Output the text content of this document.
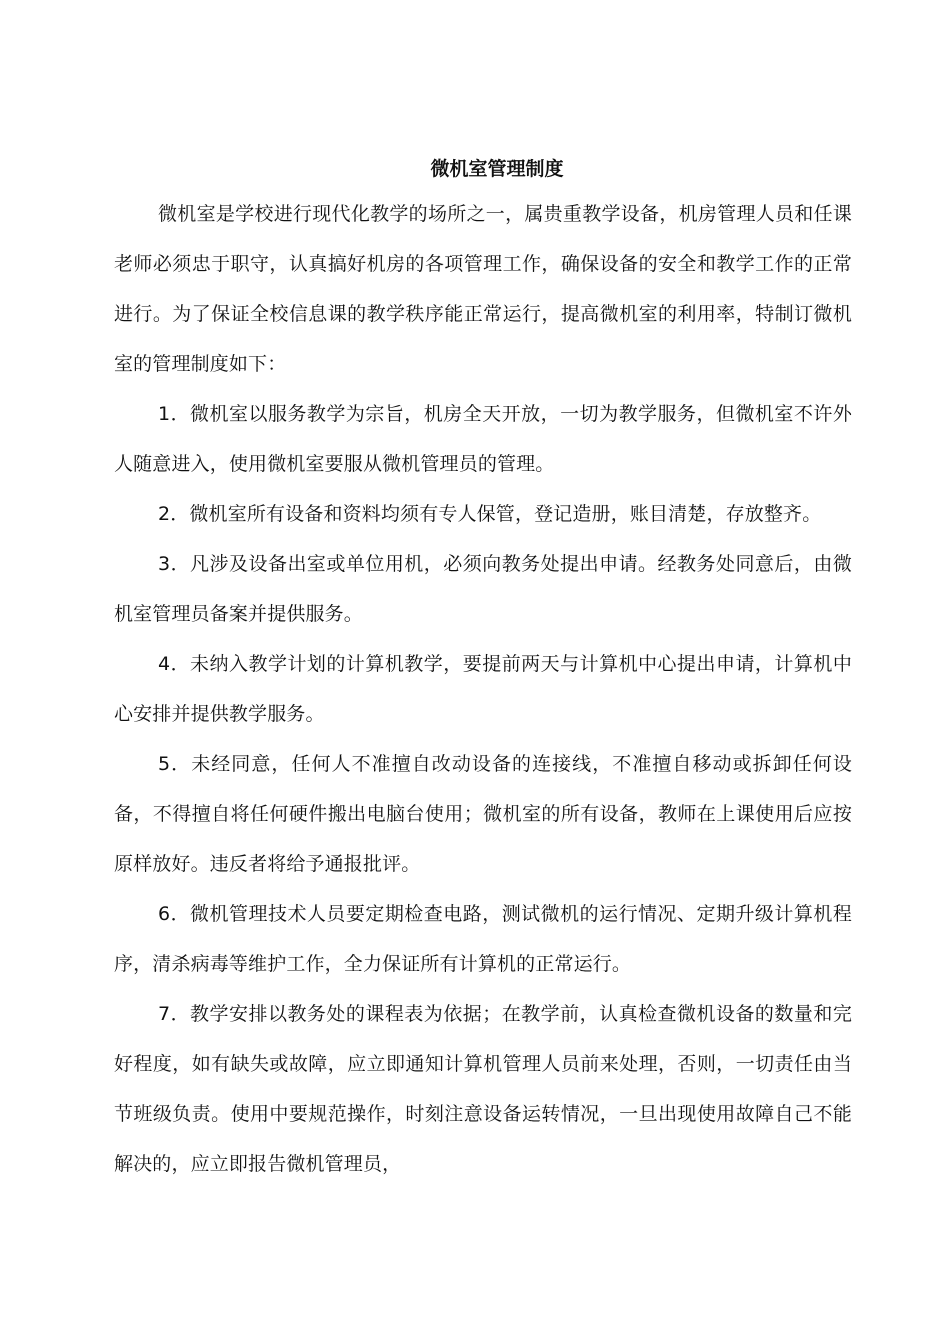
微机室管理制度

微机室是学校进行现代化教学的场所之一，属贵重教学设备，机房管理人员和任课老师必须忠于职守，认真搞好机房的各项管理工作，确保设备的安全和教学工作的正常进行。为了保证全校信息课的教学秩序能正常运行，提高微机室的利用率，特制订微机室的管理制度如下：

1．微机室以服务教学为宗旨，机房全天开放，一切为教学服务，但微机室不许外人随意进入，使用微机室要服从微机管理员的管理。

2．微机室所有设备和资料均须有专人保管，登记造册，账目清楚，存放整齐。

3．凡涉及设备出室或单位用机，必须向教务处提出申请。经教务处同意后，由微机室管理员备案并提供服务。

4．未纳入教学计划的计算机教学，要提前两天与计算机中心提出申请，计算机中心安排并提供教学服务。

5．未经同意，任何人不准擅自改动设备的连接线，不准擅自移动或拆卸任何设备，不得擅自将任何硬件搬出电脑台使用；微机室的所有设备，教师在上课使用后应按原样放好。违反者将给予通报批评。

6．微机管理技术人员要定期检查电路，测试微机的运行情况、定期升级计算机程序，清杀病毒等维护工作，全力保证所有计算机的正常运行。

7．教学安排以教务处的课程表为依据；在教学前，认真检查微机设备的数量和完好程度，如有缺失或故障，应立即通知计算机管理人员前来处理，否则，一切责任由当节班级负责。使用中要规范操作，时刻注意设备运转情况，一旦出现使用故障自己不能解决的，应立即报告微机管理员，
